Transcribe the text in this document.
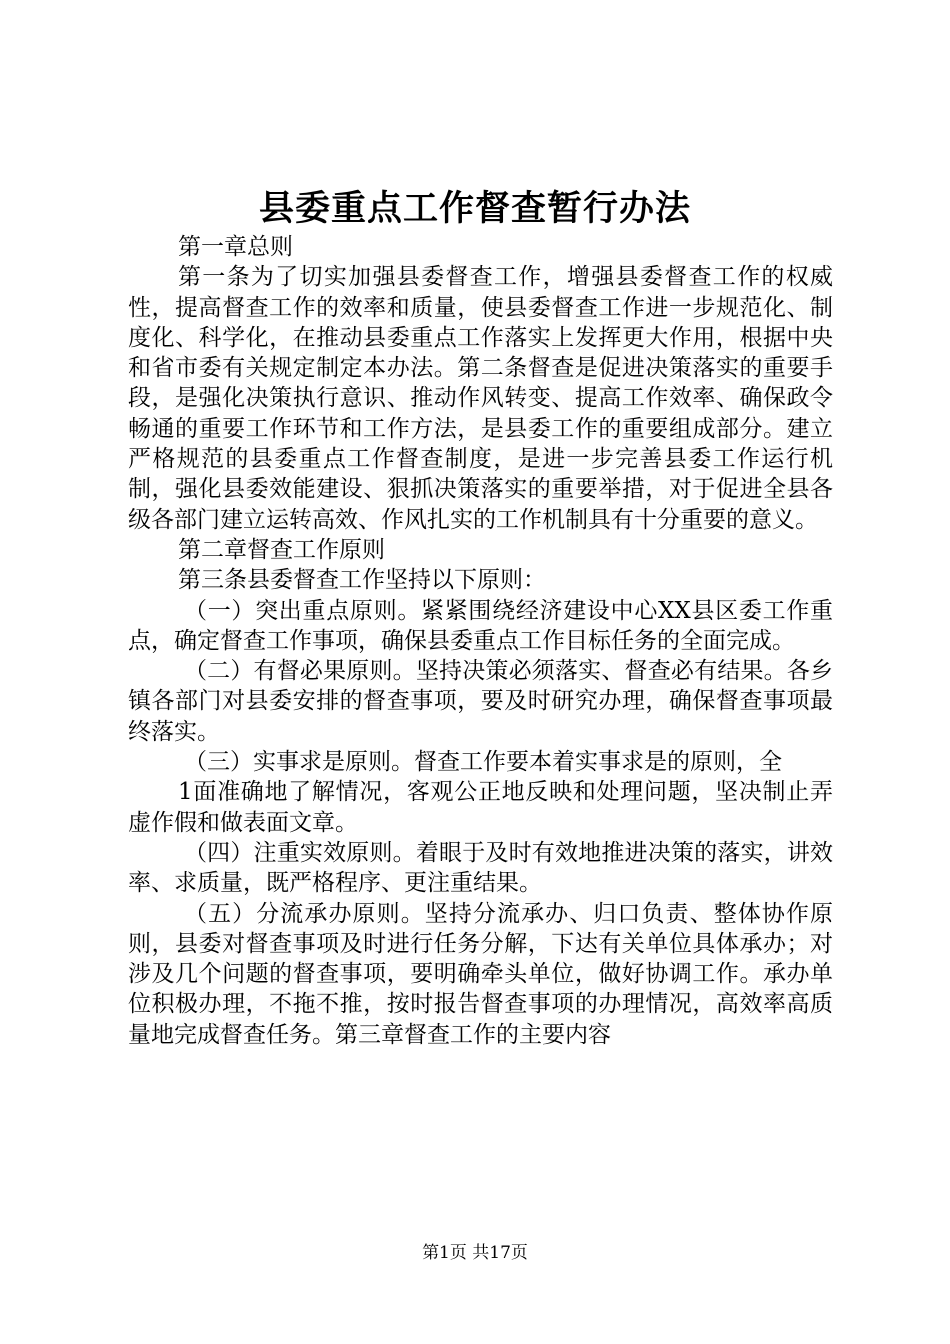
县委重点工作督查暂行办法

第一章总则

第一条为了切实加强县委督查工作，增强县委督查工作的权威性，提高督查工作的效率和质量，使县委督查工作进一步规范化、制度化、科学化，在推动县委重点工作落实上发挥更大作用，根据中央和省市委有关规定制定本办法。第二条督查是促进决策落实的重要手段，是强化决策执行意识、推动作风转变、提高工作效率、确保政令畅通的重要工作环节和工作方法，是县委工作的重要组成部分。建立严格规范的县委重点工作督查制度，是进一步完善县委工作运行机制，强化县委效能建设、狠抓决策落实的重要举措，对于促进全县各级各部门建立运转高效、作风扎实的工作机制具有十分重要的意义。

第二章督查工作原则

第三条县委督查工作坚持以下原则：

（一）突出重点原则。紧紧围绕经济建设中心XX县区委工作重点，确定督查工作事项，确保县委重点工作目标任务的全面完成。

（二）有督必果原则。坚持决策必须落实、督查必有结果。各乡镇各部门对县委安排的督查事项，要及时研究办理，确保督查事项最终落实。

（三）实事求是原则。督查工作要本着实事求是的原则，全

1面准确地了解情况，客观公正地反映和处理问题，坚决制止弄虚作假和做表面文章。

（四）注重实效原则。着眼于及时有效地推进决策的落实，讲效率、求质量，既严格程序、更注重结果。

（五）分流承办原则。坚持分流承办、归口负责、整体协作原则，县委对督查事项及时进行任务分解，下达有关单位具体承办；对涉及几个问题的督查事项，要明确牵头单位，做好协调工作。承办单位积极办理，不拖不推，按时报告督查事项的办理情况，高效率高质量地完成督查任务。第三章督查工作的主要内容

第1页 共17页
